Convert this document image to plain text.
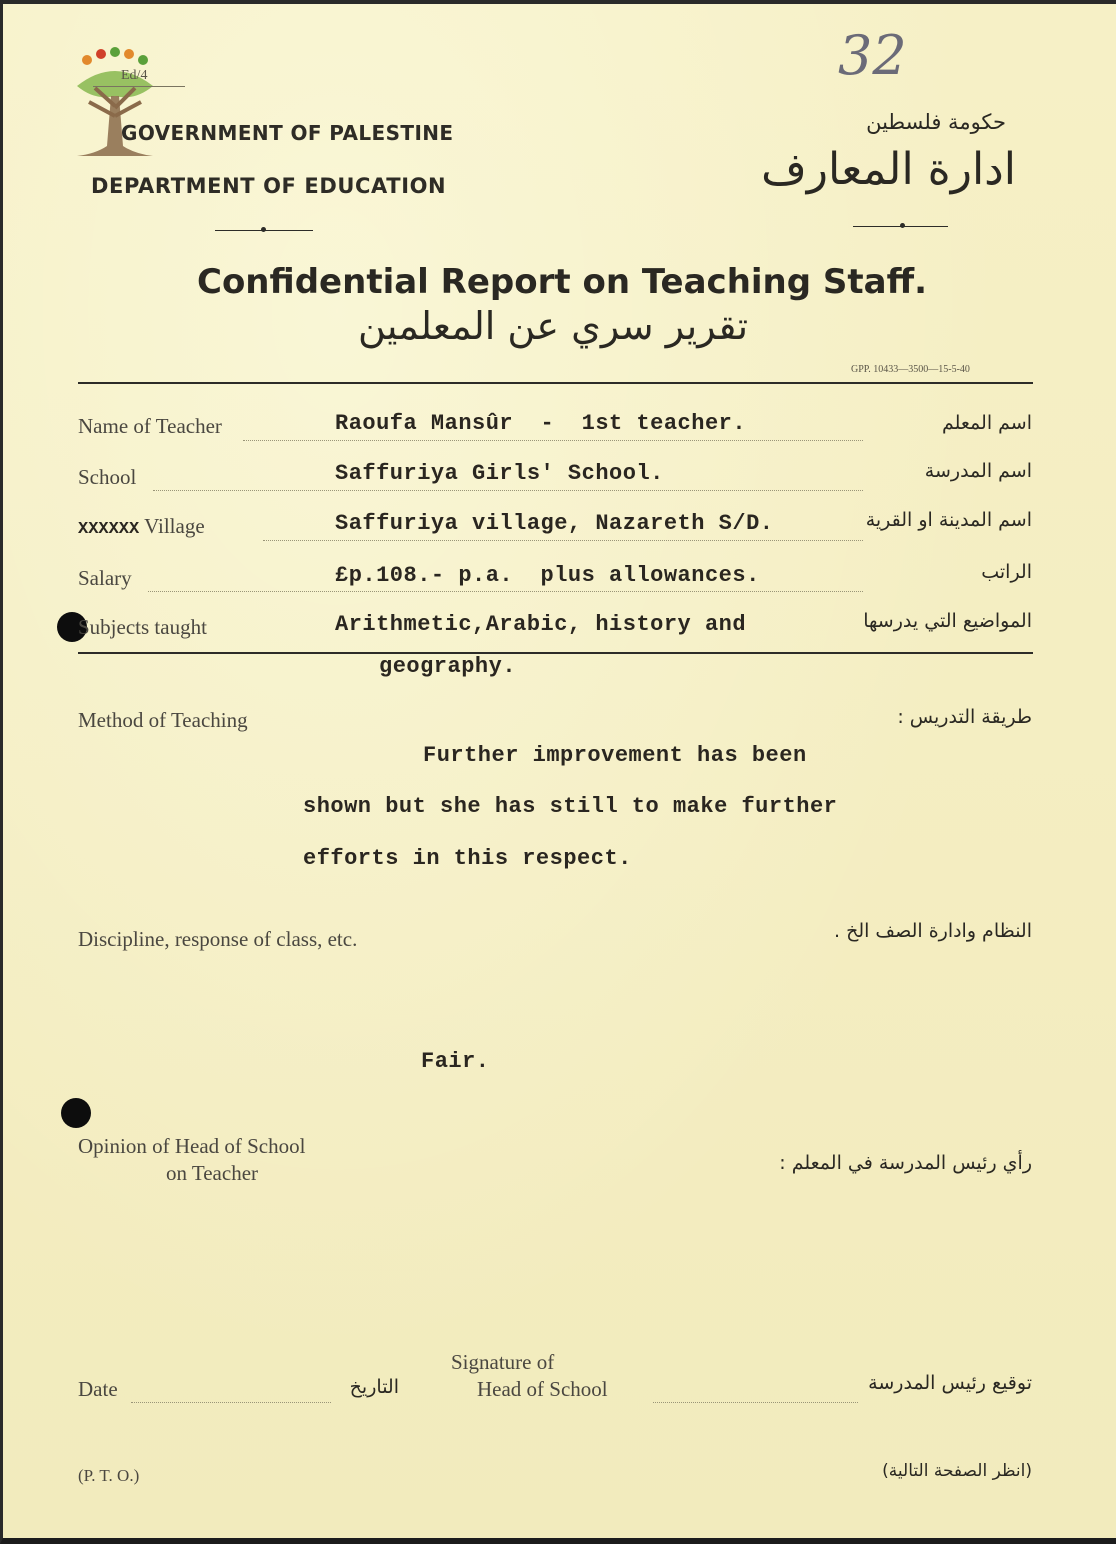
Ed/4
GOVERNMENT OF PALESTINE
DEPARTMENT OF EDUCATION
32
حكومة فلسطين
ادارة المعارف
Confidential Report on Teaching Staff.
تقرير سري عن المعلمين
GPP. 10433—3500—15-5-40
Name of Teacher	Raoufa Mansûr  -  1st teacher.	اسم المعلم
School	Saffuriya Girls' School.	اسم المدرسة
XXXXXX Village	Saffuriya village, Nazareth S/D.	اسم المدينة او القرية
Salary	£p.108.- p.a.  plus allowances.	الراتب
Subjects taught	Arithmetic,Arabic, history and	المواضيع التي يدرسها
geography.
Method of Teaching	طريقة التدريس :
Further improvement has been
shown but she has still to make further
efforts in this respect.
Discipline, response of class, etc.	النظام وادارة الصف الخ .
Fair.
Opinion of Head of School
on Teacher	رأي رئيس المدرسة في المعلم :
Date	التاريخ
Signature of
Head of School	توقيع رئيس المدرسة
(P. T. O.)	(انظر الصفحة التالية)
